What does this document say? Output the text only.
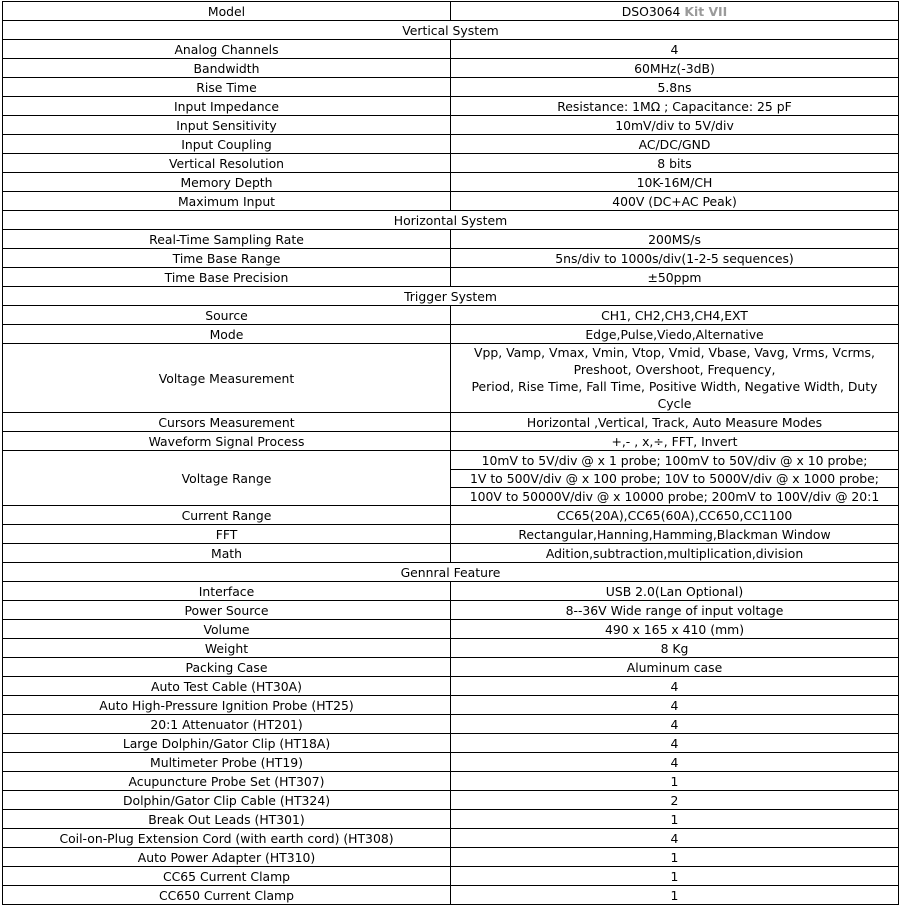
Model	DSO3064 Kit VII
Vertical System	
Analog Channels	4
Bandwidth	60MHz(-3dB)
Rise Time	5.8ns
Input Impedance	Resistance: 1MΩ ; Capacitance: 25 pF
Input Sensitivity	10mV/div to 5V/div
Input Coupling	AC/DC/GND
Vertical Resolution	8 bits
Memory Depth	10K-16M/CH
Maximum Input	400V (DC+AC Peak)
Horizontal System	
Real-Time Sampling Rate	200MS/s
Time Base Range	5ns/div to 1000s/div(1-2-5 sequences)
Time Base Precision	±50ppm
Trigger System	
Source	CH1, CH2,CH3,CH4,EXT
Mode	Edge,Pulse,Viedo,Alternative
Voltage Measurement	Vpp, Vamp, Vmax, Vmin, Vtop, Vmid, Vbase, Vavg, Vrms, Vcrms,
Preshoot, Overshoot, Frequency,
Period, Rise Time, Fall Time, Positive Width, Negative Width, Duty
Cycle

Cursors Measurement	Horizontal ,Vertical, Track, Auto Measure Modes
Waveform Signal Process	+,- , x,÷, FFT, Invert
Voltage Range	10mV to 5V/div @ x 1 probe; 100mV to 50V/div @ x 10 probe;
1V to 500V/div @ x 100 probe; 10V to 5000V/div @ x 1000 probe;
100V to 50000V/div @ x 10000 probe; 200mV to 100V/div @ 20:1

Current Range	CC65(20A),CC65(60A),CC650,CC1100
FFT	Rectangular,Hanning,Hamming,Blackman Window
Math	Adition,subtraction,multiplication,division
Gennral Feature	
Interface	USB 2.0(Lan Optional)
Power Source	8--36V Wide range of input voltage
Volume	490 x 165 x 410 (mm)
Weight	8 Kg
Packing Case	Aluminum case
Auto Test Cable (HT30A)	4
Auto High-Pressure Ignition Probe (HT25)	4
20:1 Attenuator (HT201)	4
Large Dolphin/Gator Clip (HT18A)	4
Multimeter Probe (HT19)	4
Acupuncture Probe Set (HT307)	1
Dolphin/Gator Clip Cable (HT324)	2
Break Out Leads (HT301)	1
Coil-on-Plug Extension Cord (with earth cord) (HT308)	4
Auto Power Adapter (HT310)	1
CC65 Current Clamp	1
CC650 Current Clamp	1
